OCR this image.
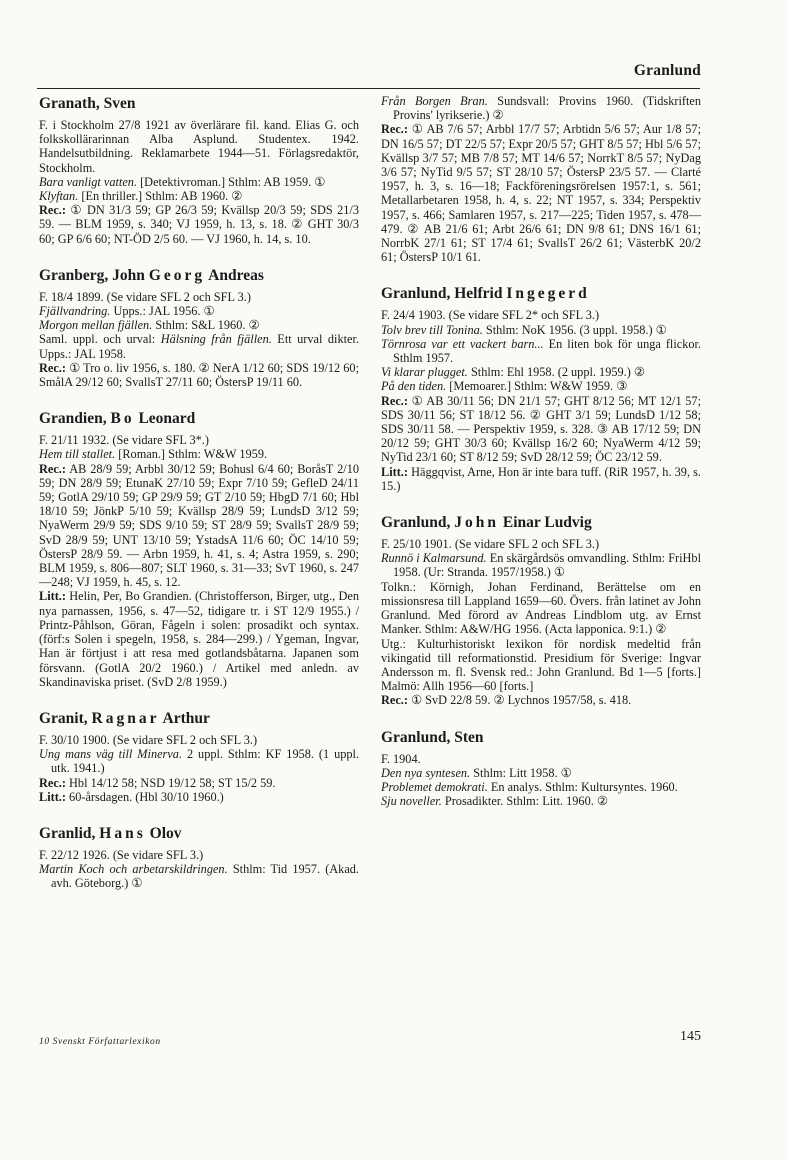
Granlund
Granath, Sven

F. i Stockholm 27/8 1921 av överlärare fil. kand. Elias G. och folkskollärarinnan Alba Asplund. Studentex. 1942. Handelsutbildning. Reklamarbete 1944—51. Förlagsredaktör, Stockholm.

Bara vanligt vatten. [Detektivroman.] Sthlm: AB 1959. ①

Klyftan. [En thriller.] Sthlm: AB 1960. ②

Rec.: ① DN 31/3 59; GP 26/3 59; Kvällsp 20/3 59; SDS 21/3 59. — BLM 1959, s. 340; VJ 1959, h. 13, s. 18. ② GHT 30/3 60; GP 6/6 60; NT-ÖD 2/5 60. — VJ 1960, h. 14, s. 10.

Granberg, John Georg Andreas

F. 18/4 1899. (Se vidare SFL 2 och SFL 3.)

Fjällvandring. Upps.: JAL 1956. ①

Morgon mellan fjällen. Sthlm: S&L 1960. ②

Saml. uppl. och urval: Hälsning från fjällen. Ett urval dikter. Upps.: JAL 1958.

Rec.: ① Tro o. liv 1956, s. 180. ② NerA 1/12 60; SDS 19/12 60; SmålA 29/12 60; SvallsT 27/11 60; ÖstersP 19/11 60.

Grandien, Bo Leonard

F. 21/11 1932. (Se vidare SFL 3*.)

Hem till stallet. [Roman.] Sthlm: W&W 1959.

Rec.: AB 28/9 59; Arbbl 30/12 59; Bohusl 6/4 60; BoråsT 2/10 59; DN 28/9 59; EtunaK 27/10 59; Expr 7/10 59; GefleD 24/11 59; GotlA 29/10 59; GP 29/9 59; GT 2/10 59; HbgD 7/1 60; Hbl 18/10 59; JönkP 5/10 59; Kvällsp 28/9 59; LundsD 3/12 59; NyaWerm 29/9 59; SDS 9/10 59; ST 28/9 59; SvallsT 28/9 59; SvD 28/9 59; UNT 13/10 59; YstadsA 11/6 60; ÖC 14/10 59; ÖstersP 28/9 59. — Arbn 1959, h. 41, s. 4; Astra 1959, s. 290; BLM 1959, s. 806—807; SLT 1960, s. 31—33; SvT 1960, s. 247—248; VJ 1959, h. 45, s. 12.

Litt.: Helin, Per, Bo Grandien. (Christofferson, Birger, utg., Den nya parnassen, 1956, s. 47—52, tidigare tr. i ST 12/9 1955.) / Printz-Påhlson, Göran, Fågeln i solen: prosadikt och syntax. (förf:s Solen i spegeln, 1958, s. 284—299.) / Ygeman, Ingvar, Han är förtjust i att resa med gotlandsbåtarna. Japanen som försvann. (GotlA 20/2 1960.) / Artikel med anledn. av Skandinaviska priset. (SvD 2/8 1959.)

Granit, Ragnar Arthur

F. 30/10 1900. (Se vidare SFL 2 och SFL 3.)

Ung mans väg till Minerva. 2 uppl. Sthlm: KF 1958. (1 uppl. utk. 1941.)

Rec.: Hbl 14/12 58; NSD 19/12 58; ST 15/2 59.

Litt.: 60-årsdagen. (Hbl 30/10 1960.)

Granlid, Hans Olov

F. 22/12 1926. (Se vidare SFL 3.)

Martin Koch och arbetarskildringen. Sthlm: Tid 1957. (Akad. avh. Göteborg.) ①

Från Borgen Bran. Sundsvall: Provins 1960. (Tidskriften Provins' lyrikserie.) ②

Rec.: ① AB 7/6 57; Arbbl 17/7 57; Arbtidn 5/6 57; Aur 1/8 57; DN 16/5 57; DT 22/5 57; Expr 20/5 57; GHT 8/5 57; Hbl 5/6 57; Kvällsp 3/7 57; MB 7/8 57; MT 14/6 57; NorrkT 8/5 57; NyDag 3/6 57; NyTid 9/5 57; ST 28/10 57; ÖstersP 23/5 57. — Clarté 1957, h. 3, s. 16—18; Fackföreningsrörelsen 1957:1, s. 561; Metallarbetaren 1958, h. 4, s. 22; NT 1957, s. 334; Perspektiv 1957, s. 466; Samlaren 1957, s. 217—225; Tiden 1957, s. 478—479. ② AB 21/6 61; Arbt 26/6 61; DN 9/8 61; DNS 16/1 61; NorrbK 27/1 61; ST 17/4 61; SvallsT 26/2 61; VästerbK 20/2 61; ÖstersP 10/1 61.

Granlund, Helfrid Ingegerd

F. 24/4 1903. (Se vidare SFL 2* och SFL 3.)

Tolv brev till Tonina. Sthlm: NoK 1956. (3 uppl. 1958.) ①

Törnrosa var ett vackert barn... En liten bok för unga flickor. Sthlm 1957.

Vi klarar plugget. Sthlm: Ehl 1958. (2 uppl. 1959.) ②

På den tiden. [Memoarer.] Sthlm: W&W 1959. ③

Rec.: ① AB 30/11 56; DN 21/1 57; GHT 8/12 56; MT 12/1 57; SDS 30/11 56; ST 18/12 56. ② GHT 3/1 59; LundsD 1/12 58; SDS 30/11 58. — Perspektiv 1959, s. 328. ③ AB 17/12 59; DN 20/12 59; GHT 30/3 60; Kvällsp 16/2 60; NyaWerm 4/12 59; NyTid 23/1 60; ST 8/12 59; SvD 28/12 59; ÖC 23/12 59.

Litt.: Häggqvist, Arne, Hon är inte bara tuff. (RiR 1957, h. 39, s. 15.)

Granlund, John Einar Ludvig

F. 25/10 1901. (Se vidare SFL 2 och SFL 3.)

Runnö i Kalmarsund. En skärgårdsös omvandling. Sthlm: FriHbl 1958. (Ur: Stranda. 1957/1958.) ①

Tolkn.: Körnigh, Johan Ferdinand, Berättelse om en missionsresa till Lappland 1659—60. Övers. från latinet av John Granlund. Med förord av Andreas Lindblom utg. av Ernst Manker. Sthlm: A&W/HG 1956. (Acta lapponica. 9:1.) ②

Utg.: Kulturhistoriskt lexikon för nordisk medeltid från vikingatid till reformationstid. Presidium för Sverige: Ingvar Andersson m. fl. Svensk red.: John Granlund. Bd 1—5 [forts.] Malmö: Allh 1956—60 [forts.]

Rec.: ① SvD 22/8 59. ② Lychnos 1957/58, s. 418.

Granlund, Sten

F. 1904.

Den nya syntesen. Sthlm: Litt 1958. ①

Problemet demokrati. En analys. Sthlm: Kultursyntes. 1960.

Sju noveller. Prosadikter. Sthlm: Litt. 1960. ②

10 Svenskt Författarlexikon	145
